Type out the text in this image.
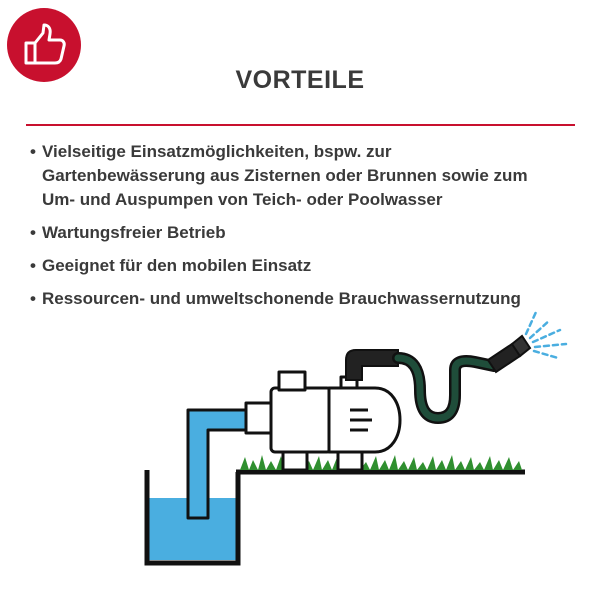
VORTEILE
• Vielseitige Einsatzmöglichkeiten, bspw. zur Gartenbewässerung aus Zisternen oder Brunnen sowie zum Um- und Auspumpen von Teich- oder Poolwasser
• Wartungsfreier Betrieb
• Geeignet für den mobilen Einsatz
• Ressourcen- und umweltschonende Brauchwassernutzung
